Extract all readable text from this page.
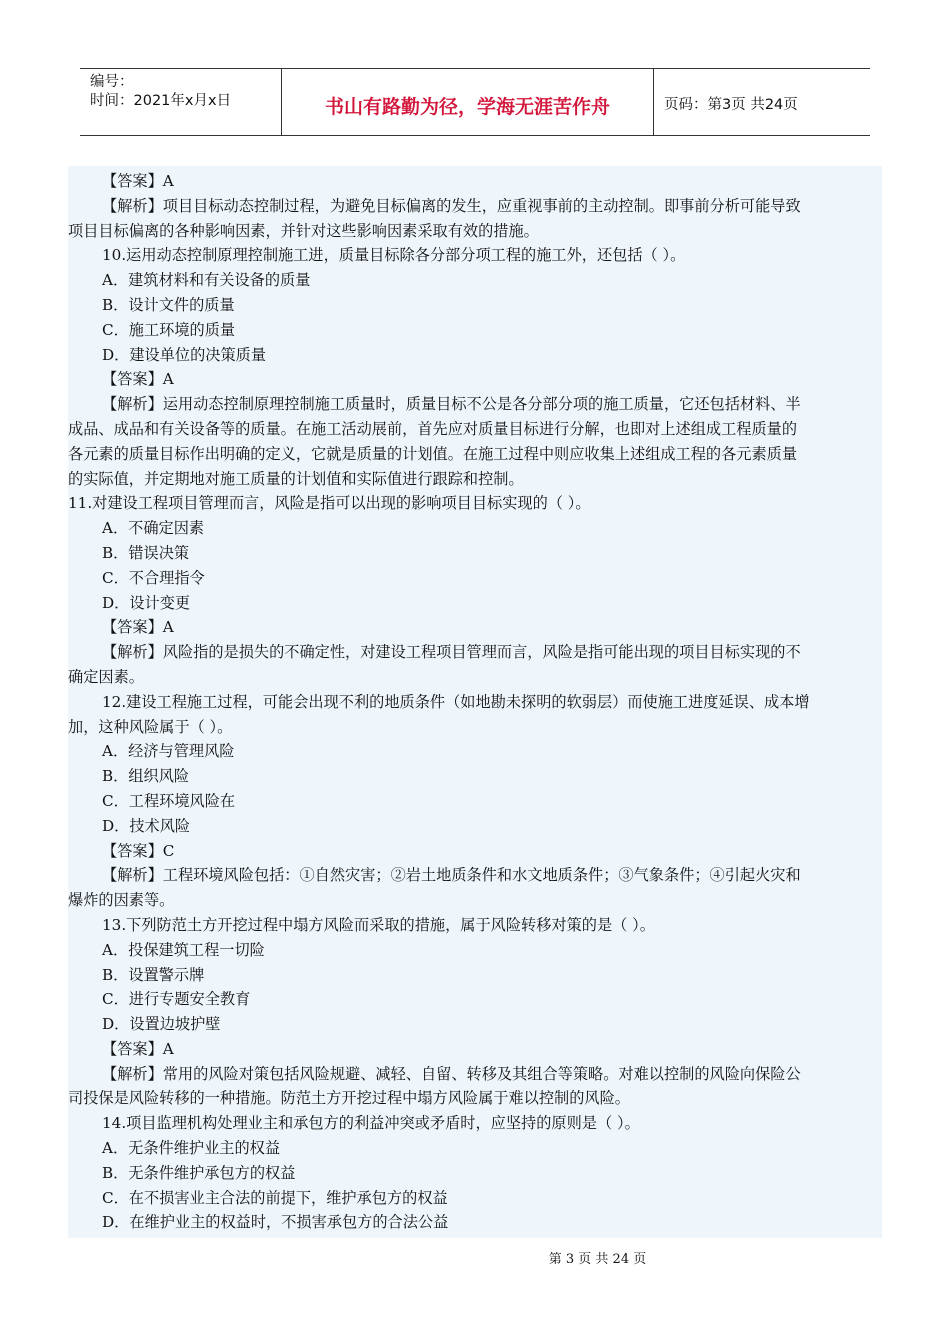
编号：
时间：2021年x月x日	书山有路勤为径，学海无涯苦作舟	页码：第3页 共24页
【答案】A
【解析】项目目标动态控制过程，为避免目标偏离的发生，应重视事前的主动控制。即事前分析可能导致
项目目标偏离的各种影响因素，并针对这些影响因素采取有效的措施。
10.运用动态控制原理控制施工进，质量目标除各分部分项工程的施工外，还包括（ ）。
A．建筑材料和有关设备的质量
B．设计文件的质量
C．施工环境的质量
D．建设单位的决策质量
【答案】A
【解析】运用动态控制原理控制施工质量时，质量目标不公是各分部分项的施工质量，它还包括材料、半
成品、成品和有关设备等的质量。在施工活动展前，首先应对质量目标进行分解，也即对上述组成工程质量的
各元素的质量目标作出明确的定义，它就是质量的计划值。在施工过程中则应收集上述组成工程的各元素质量
的实际值，并定期地对施工质量的计划值和实际值进行跟踪和控制。
11.对建设工程项目管理而言，风险是指可以出现的影响项目目标实现的（ ）。
A．不确定因素
B．错误决策
C．不合理指令
D．设计变更
【答案】A
【解析】风险指的是损失的不确定性，对建设工程项目管理而言，风险是指可能出现的项目目标实现的不
确定因素。
12.建设工程施工过程，可能会出现不利的地质条件（如地勘未探明的软弱层）而使施工进度延误、成本增
加，这种风险属于（ ）。
A．经济与管理风险
B．组织风险
C．工程环境风险在
D．技术风险
【答案】C
【解析】工程环境风险包括：①自然灾害；②岩土地质条件和水文地质条件；③气象条件；④引起火灾和
爆炸的因素等。
13.下列防范土方开挖过程中塌方风险而采取的措施，属于风险转移对策的是（ ）。
A．投保建筑工程一切险
B．设置警示牌
C．进行专题安全教育
D．设置边坡护壁
【答案】A
【解析】常用的风险对策包括风险规避、减轻、自留、转移及其组合等策略。对难以控制的风险向保险公
司投保是风险转移的一种措施。防范土方开挖过程中塌方风险属于难以控制的风险。
14.项目监理机构处理业主和承包方的利益冲突或矛盾时，应坚持的原则是（ ）。
A．无条件维护业主的权益
B．无条件维护承包方的权益
C．在不损害业主合法的前提下，维护承包方的权益
D．在维护业主的权益时，不损害承包方的合法公益
第 3 页 共 24 页
